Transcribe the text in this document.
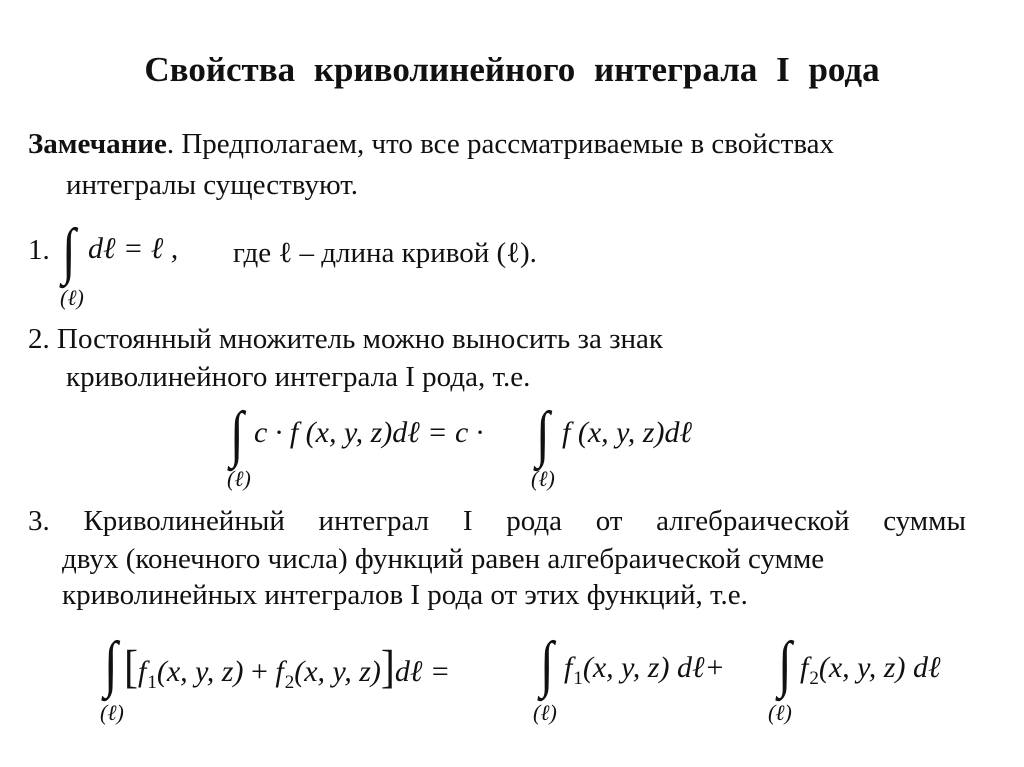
Свойства криволинейного интеграла I рода
Замечание. Предполагаем, что все рассматриваемые в свойствах
интегралы существуют.
1. ∫ dℓ = ℓ ,
(ℓ)
где ℓ – длина кривой (ℓ).
2. Постоянный множитель можно выносить за знак
криволинейного интеграла I рода, т.е.
∫ c · f (x, y, z)dℓ = c · ∫ f (x, y, z)dℓ
(ℓ)	(ℓ)
3. Криволинейный интеграл I рода от алгебраической суммы
двух (конечного числа) функций равен алгебраической сумме
криволинейных интегралов I рода от этих функций, т.е.
∫ [$f_1(x$, y, $z) + f_2(x$, y, z)]dℓ = ∫ $f_1(x$, y, z) dℓ+ ∫ $f_2(x$, y, z) dℓ
(ℓ)	(ℓ)	(ℓ)
